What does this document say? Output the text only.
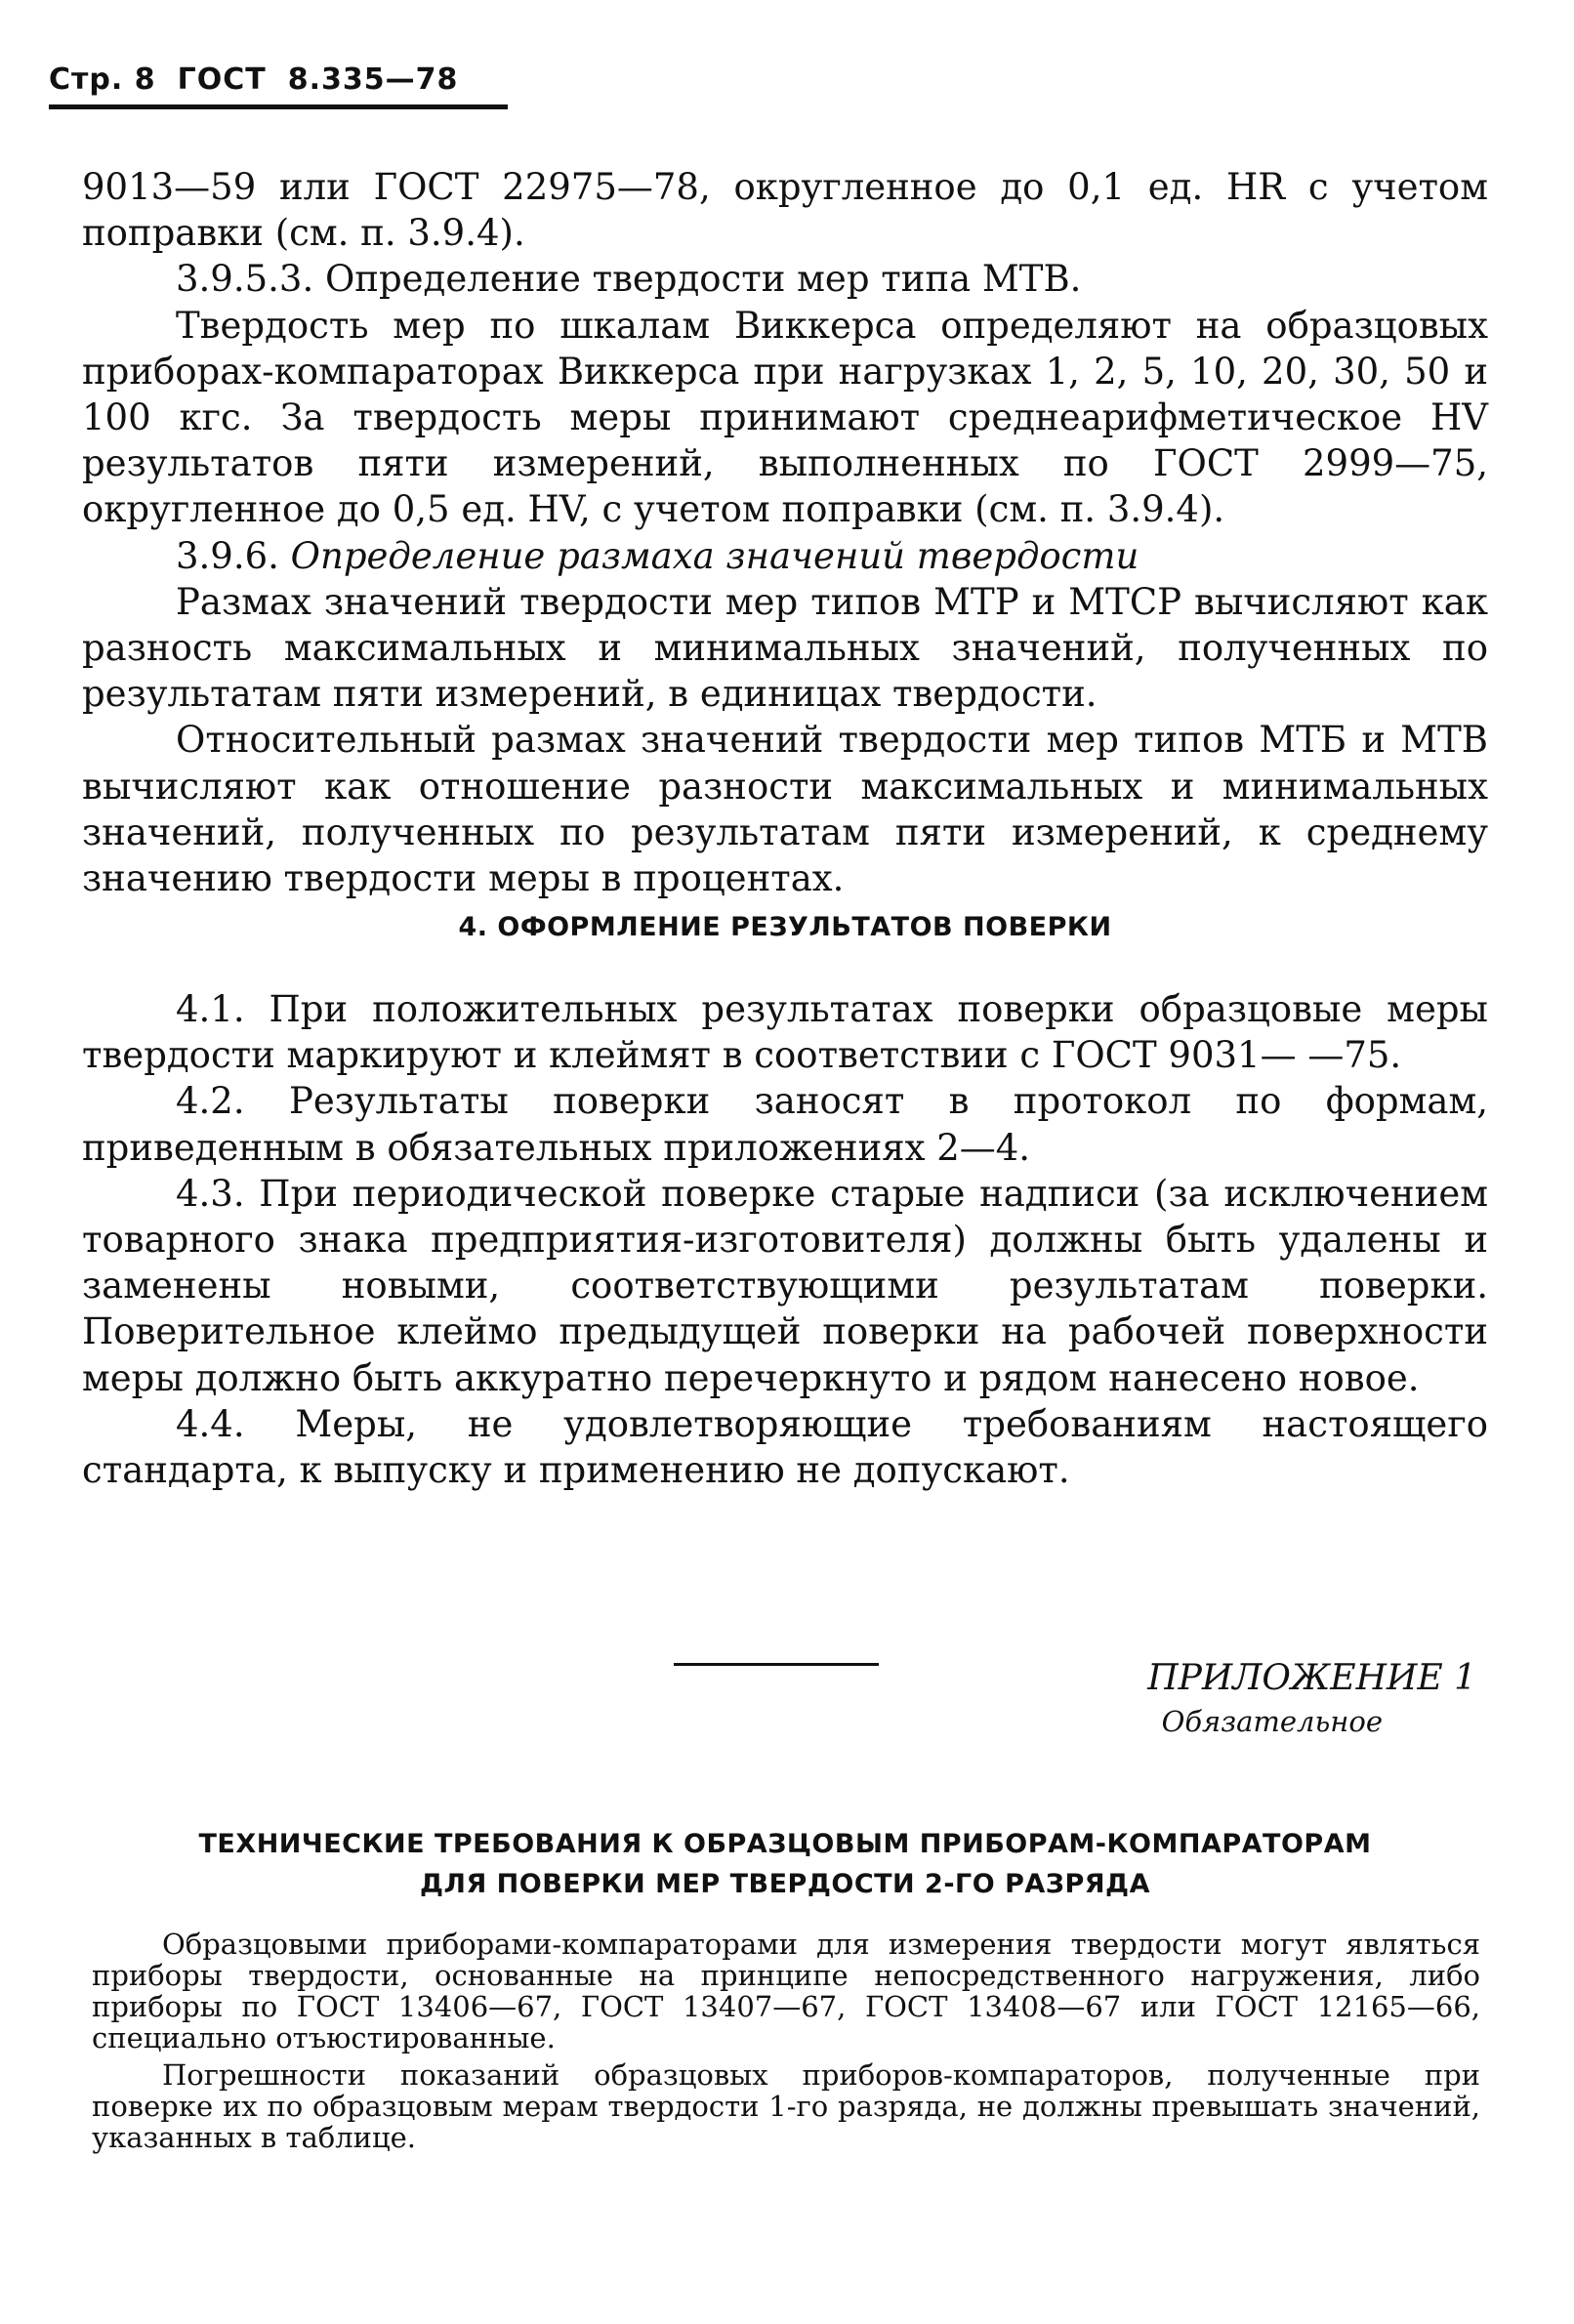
Стр. 8 ГОСТ 8.335—78

9013—59 или ГОСТ 22975—78, округленное до 0,1 ед. HR с учетом поправки (см. п. 3.9.4).

3.9.5.3. Определение твердости мер типа МТВ.

Твердость мер по шкалам Виккерса определяют на образцовых приборах-компараторах Виккерса при нагрузках 1, 2, 5, 10, 20, 30, 50 и 100 кгс. За твердость меры принимают среднеарифметическое HV результатов пяти измерений, выполненных по ГОСТ 2999—75, округленное до 0,5 ед. HV, с учетом поправки (см. п. 3.9.4).

3.9.6. Определение размаха значений твердости

Размах значений твердости мер типов МТР и МТСР вычисляют как разность максимальных и минимальных значений, полученных по результатам пяти измерений, в единицах твердости.

Относительный размах значений твердости мер типов МТБ и МТВ вычисляют как отношение разности максимальных и минимальных значений, полученных по результатам пяти измерений, к среднему значению твердости меры в процентах.

4. ОФОРМЛЕНИЕ РЕЗУЛЬТАТОВ ПОВЕРКИ

4.1. При положительных результатах поверки образцовые меры твердости маркируют и клеймят в соответствии с ГОСТ 9031— —75.

4.2. Результаты поверки заносят в протокол по формам, приведенным в обязательных приложениях 2—4.

4.3. При периодической поверке старые надписи (за исключением товарного знака предприятия-изготовителя) должны быть удалены и заменены новыми, соответствующими результатам поверки. Поверительное клеймо предыдущей поверки на рабочей поверхности меры должно быть аккуратно перечеркнуто и рядом нанесено новое.

4.4. Меры, не удовлетворяющие требованиям настоящего стандарта, к выпуску и применению не допускают.

ПРИЛОЖЕНИЕ 1
Обязательное
ТЕХНИЧЕСКИЕ ТРЕБОВАНИЯ К ОБРАЗЦОВЫМ ПРИБОРАМ-КОМПАРАТОРАМ
ДЛЯ ПОВЕРКИ МЕР ТВЕРДОСТИ 2-ГО РАЗРЯДА

Образцовыми приборами-компараторами для измерения твердости могут являться приборы твердости, основанные на принципе непосредственного нагружения, либо приборы по ГОСТ 13406—67, ГОСТ 13407—67, ГОСТ 13408—67 или ГОСТ 12165—66, специально отъюстированные.

Погрешности показаний образцовых приборов-компараторов, полученные при поверке их по образцовым мерам твердости 1-го разряда, не должны превышать значений, указанных в таблице.
